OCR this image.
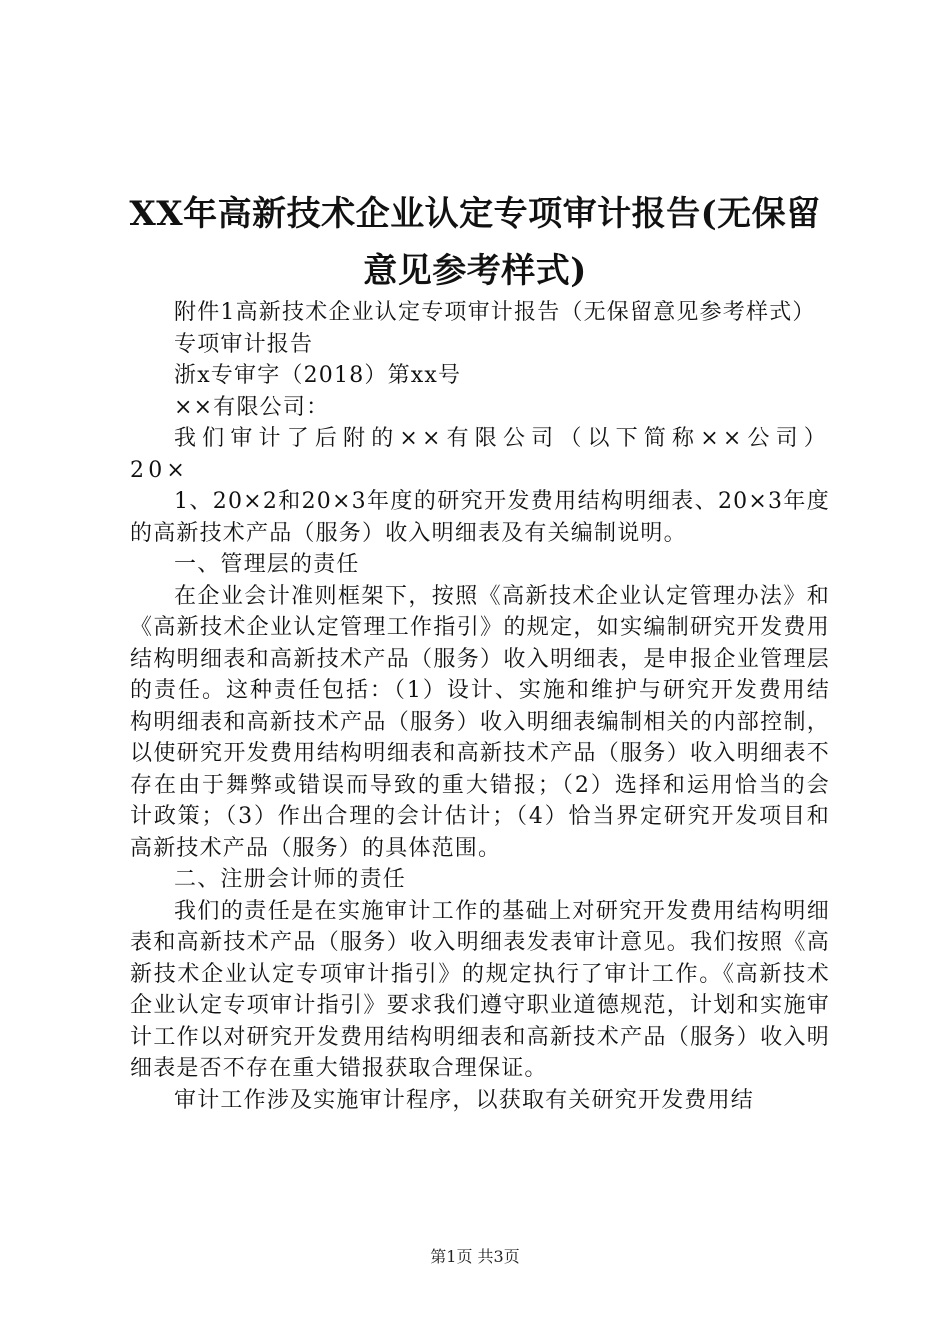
XX年高新技术企业认定专项审计报告(无保留
意见参考样式)

附件1高新技术企业认定专项审计报告（无保留意见参考样式）

专项审计报告

浙x专审字（2018）第xx号

××有限公司：

我们审计了后附的××有限公司（以下简称××公司）20×

1、20×2和20×3年度的研究开发费用结构明细表、20×3年度的高新技术产品（服务）收入明细表及有关编制说明。

一、管理层的责任

在企业会计准则框架下，按照《高新技术企业认定管理办法》和《高新技术企业认定管理工作指引》的规定，如实编制研究开发费用结构明细表和高新技术产品（服务）收入明细表，是申报企业管理层的责任。这种责任包括：（1）设计、实施和维护与研究开发费用结构明细表和高新技术产品（服务）收入明细表编制相关的内部控制，以使研究开发费用结构明细表和高新技术产品（服务）收入明细表不存在由于舞弊或错误而导致的重大错报；（2）选择和运用恰当的会计政策；（3）作出合理的会计估计；（4）恰当界定研究开发项目和高新技术产品（服务）的具体范围。

二、注册会计师的责任

我们的责任是在实施审计工作的基础上对研究开发费用结构明细表和高新技术产品（服务）收入明细表发表审计意见。我们按照《高新技术企业认定专项审计指引》的规定执行了审计工作。《高新技术企业认定专项审计指引》要求我们遵守职业道德规范，计划和实施审计工作以对研究开发费用结构明细表和高新技术产品（服务）收入明细表是否不存在重大错报获取合理保证。

审计工作涉及实施审计程序，以获取有关研究开发费用结

第1页 共3页
